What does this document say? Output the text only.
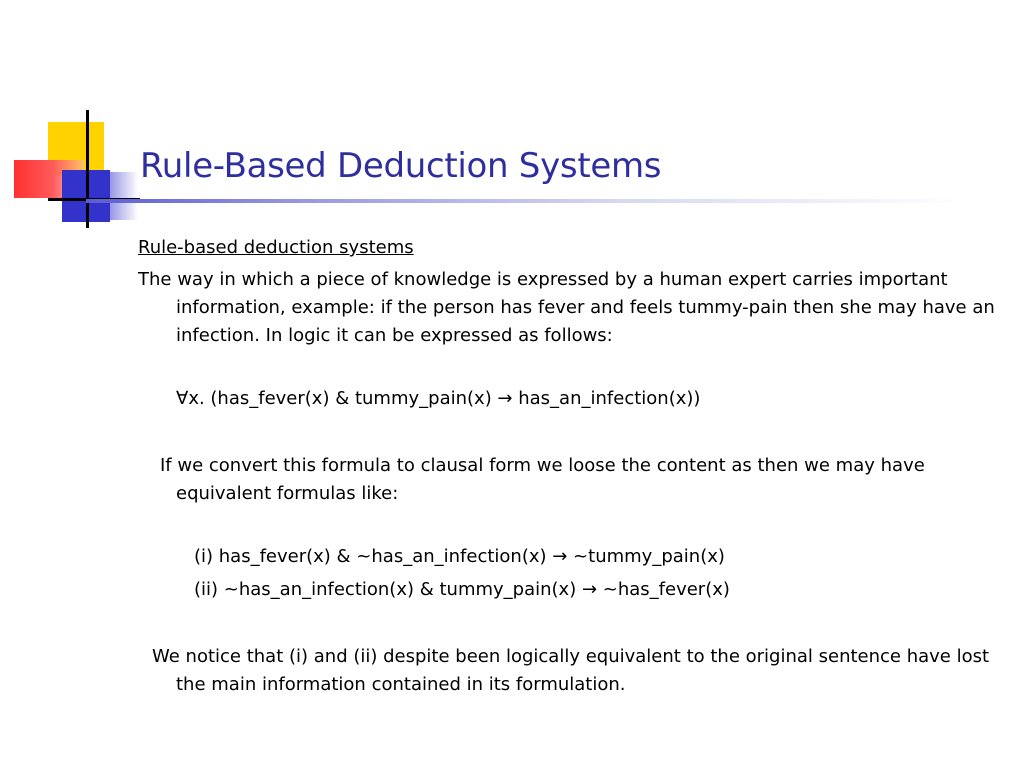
Rule-Based Deduction Systems
Rule-based deduction systems
The way in which a piece of knowledge is expressed by a human expert carries important information, example: if the person has fever and feels tummy-pain then she may have an infection. In logic it can be expressed as follows:
∀x. (has_fever(x) & tummy_pain(x) → has_an_infection(x))
If we convert this formula to clausal form we loose the content as then we may have equivalent formulas like:
(i) has_fever(x) & ~has_an_infection(x) → ~tummy_pain(x)
(ii) ~has_an_infection(x) & tummy_pain(x) → ~has_fever(x)
We notice that (i) and (ii) despite been logically equivalent to the original sentence have lost the main information contained in its formulation.
